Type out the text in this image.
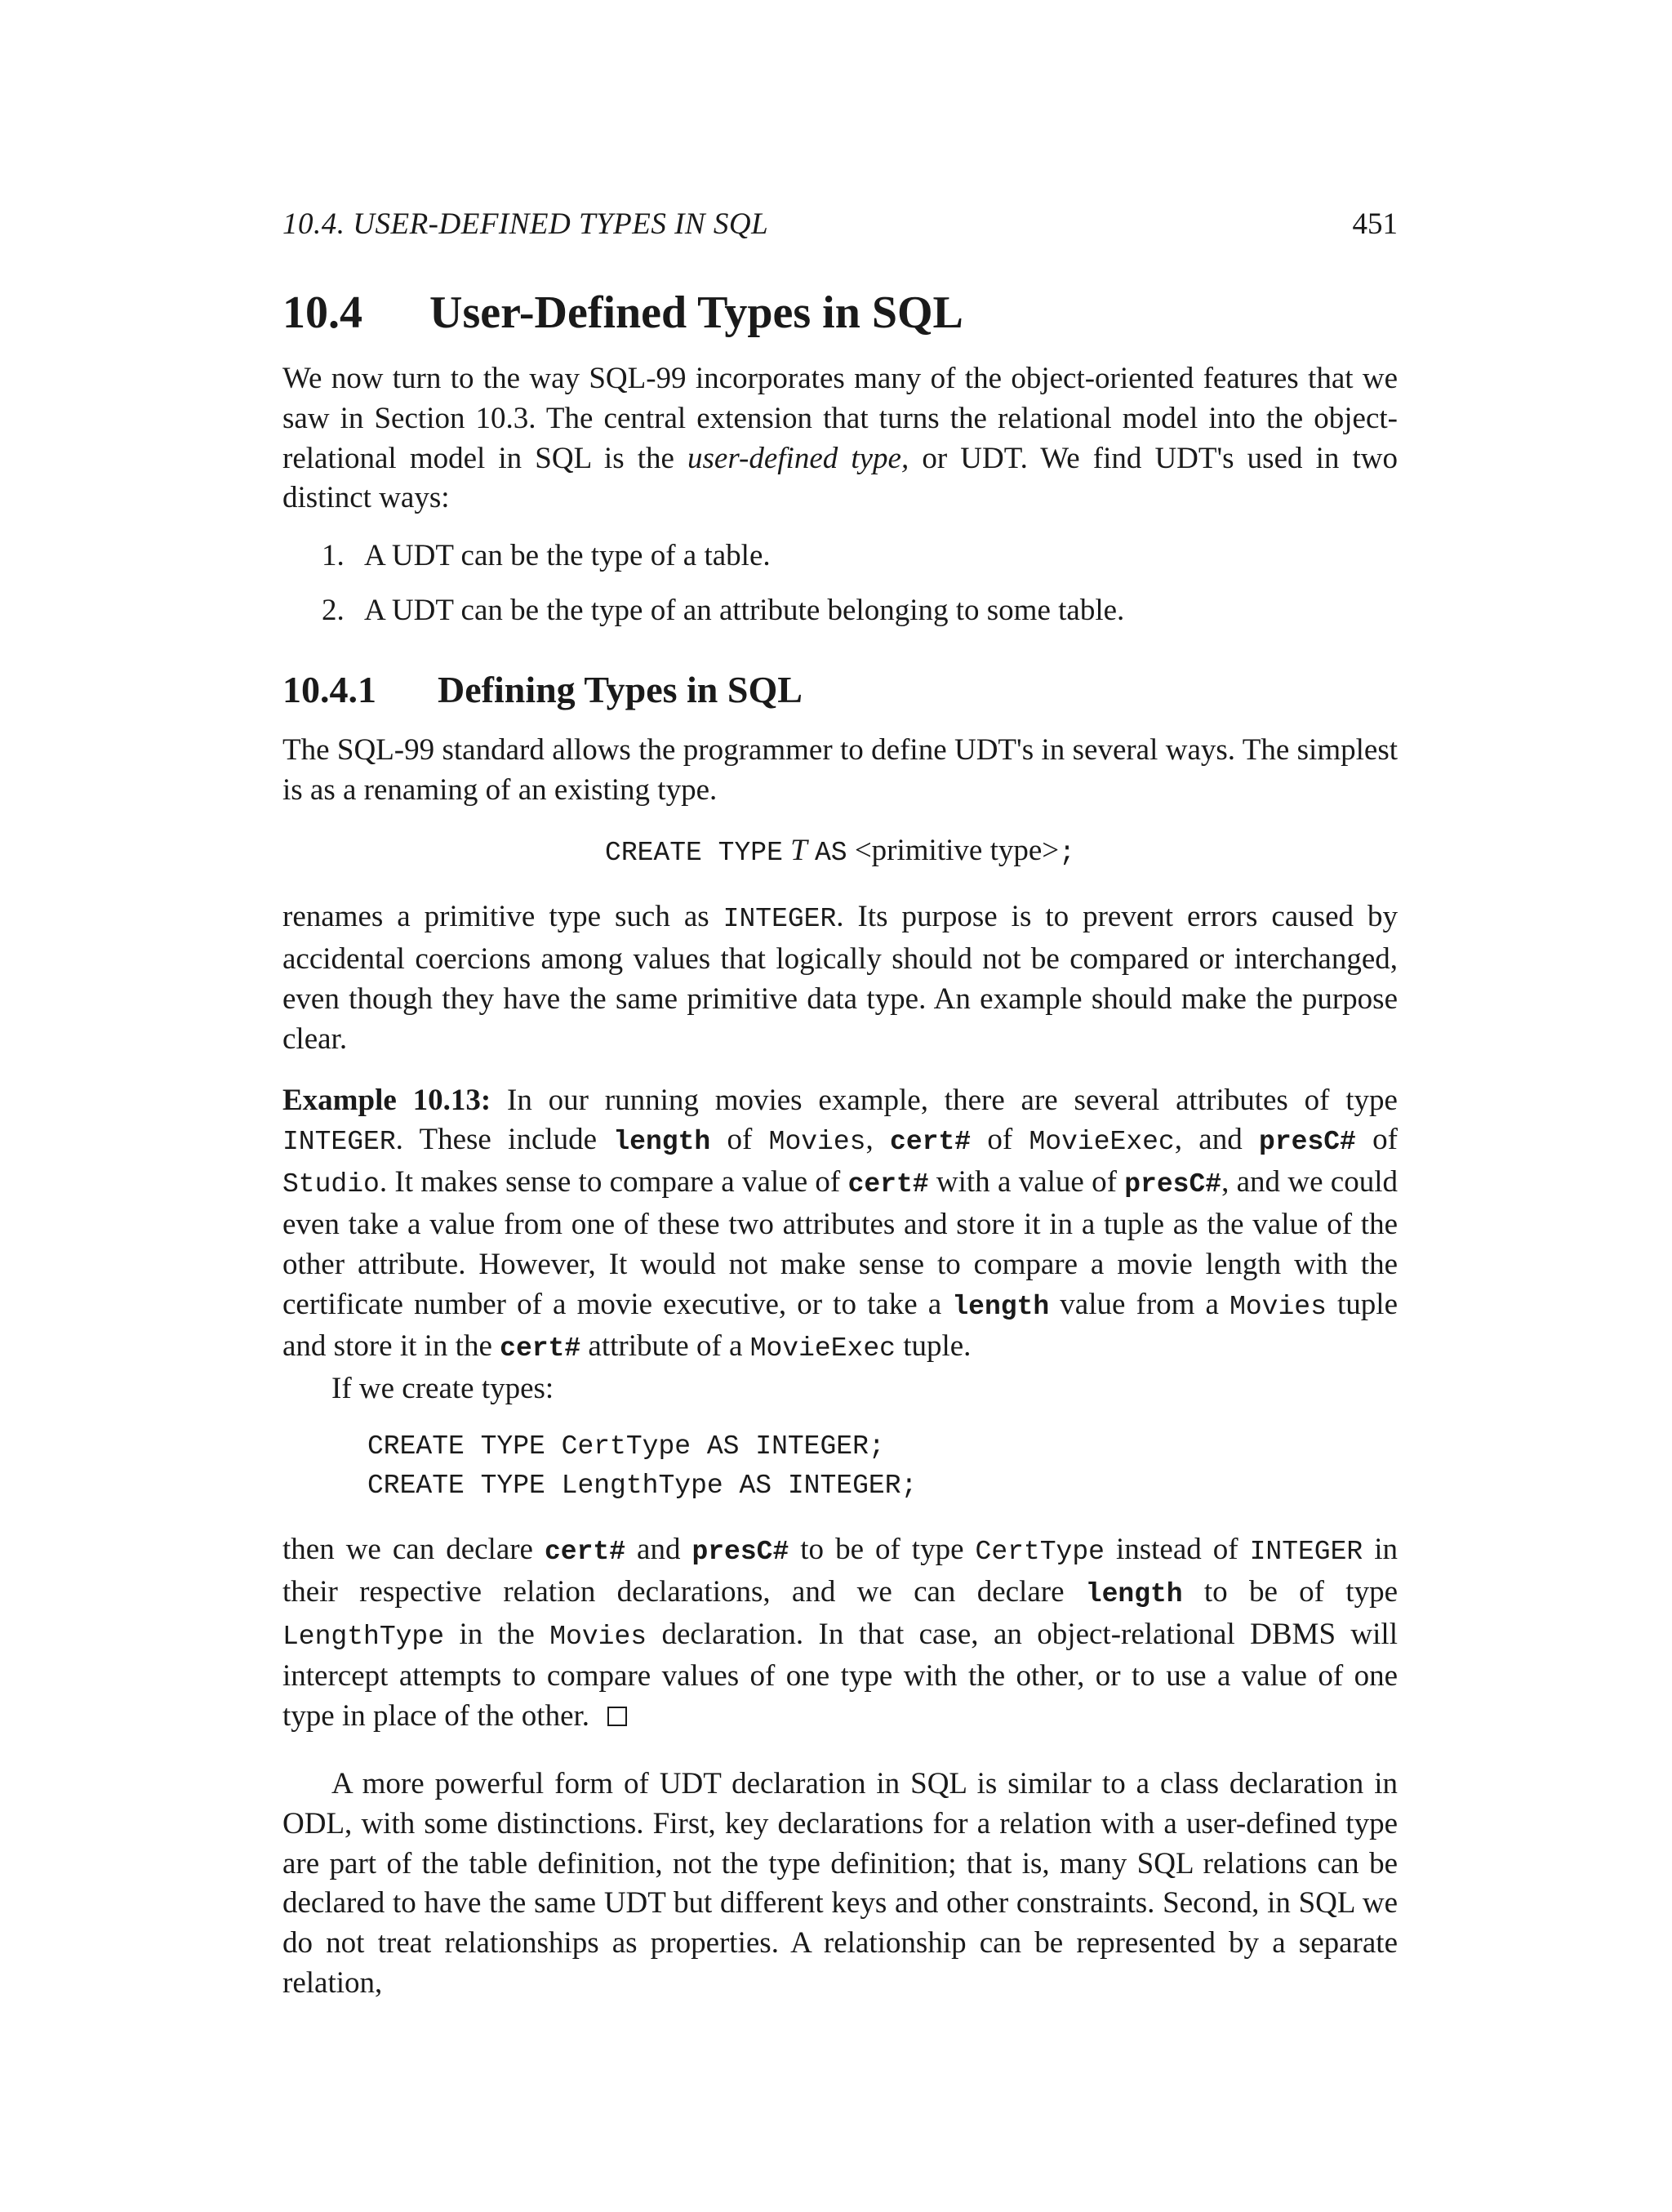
10.4. USER-DEFINED TYPES IN SQL	451
10.4 User-Defined Types in SQL

We now turn to the way SQL-99 incorporates many of the object-oriented features that we saw in Section 10.3. The central extension that turns the relational model into the object-relational model in SQL is the user-defined type, or UDT. We find UDT's used in two distinct ways:

1. A UDT can be the type of a table.
2. A UDT can be the type of an attribute belonging to some table.
10.4.1 Defining Types in SQL

The SQL-99 standard allows the programmer to define UDT's in several ways. The simplest is as a renaming of an existing type.

CREATE TYPE T AS <primitive type>;

renames a primitive type such as INTEGER. Its purpose is to prevent errors caused by accidental coercions among values that logically should not be compared or interchanged, even though they have the same primitive data type. An example should make the purpose clear.

Example 10.13: In our running movies example, there are several attributes of type INTEGER. These include length of Movies, cert# of MovieExec, and presC# of Studio. It makes sense to compare a value of cert# with a value of presC#, and we could even take a value from one of these two attributes and store it in a tuple as the value of the other attribute. However, It would not make sense to compare a movie length with the certificate number of a movie executive, or to take a length value from a Movies tuple and store it in the cert# attribute of a MovieExec tuple.

If we create types:

CREATE TYPE CertType AS INTEGER;
CREATE TYPE LengthType AS INTEGER;

then we can declare cert# and presC# to be of type CertType instead of INTEGER in their respective relation declarations, and we can declare length to be of type LengthType in the Movies declaration. In that case, an object-relational DBMS will intercept attempts to compare values of one type with the other, or to use a value of one type in place of the other.

A more powerful form of UDT declaration in SQL is similar to a class declaration in ODL, with some distinctions. First, key declarations for a relation with a user-defined type are part of the table definition, not the type definition; that is, many SQL relations can be declared to have the same UDT but different keys and other constraints. Second, in SQL we do not treat relationships as properties. A relationship can be represented by a separate relation,
